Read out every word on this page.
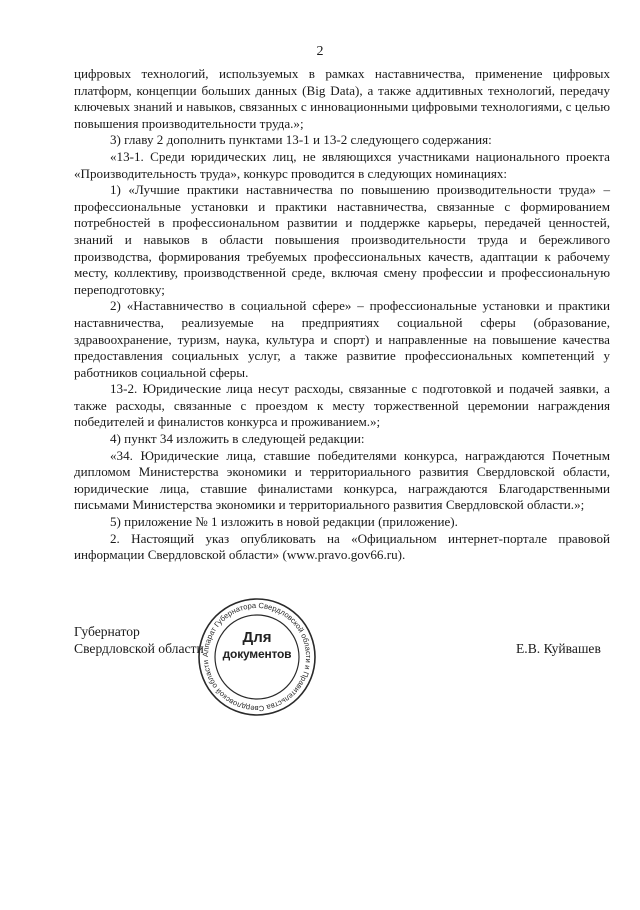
2

цифровых технологий, используемых в рамках наставничества, применение цифровых платформ, концепции больших данных (Big Data), а также аддитивных технологий, передачу ключевых знаний и навыков, связанных с инновационными цифровыми технологиями, с целью повышения производительности труда.»;

3) главу 2 дополнить пунктами 13-1 и 13-2 следующего содержания:

«13-1. Среди юридических лиц, не являющихся участниками национального проекта «Производительность труда», конкурс проводится в следующих номинациях:

1) «Лучшие практики наставничества по повышению производительности труда» – профессиональные установки и практики наставничества, связанные с формированием потребностей в профессиональном развитии и поддержке карьеры, передачей ценностей, знаний и навыков в области повышения производительности труда и бережливого производства, формирования требуемых профессиональных качеств, адаптации к рабочему месту, коллективу, производственной среде, включая смену профессии и профессиональную переподготовку;

2) «Наставничество в социальной сфере» – профессиональные установки и практики наставничества, реализуемые на предприятиях социальной сферы (образование, здравоохранение, туризм, наука, культура и спорт) и направленные на повышение качества предоставления социальных услуг, а также развитие профессиональных компетенций у работников социальной сферы.

13-2. Юридические лица несут расходы, связанные с подготовкой и подачей заявки, а также расходы, связанные с проездом к месту торжественной церемонии награждения победителей и финалистов конкурса и проживанием.»;

4) пункт 34 изложить в следующей редакции:

«34. Юридические лица, ставшие победителями конкурса, награждаются Почетным дипломом Министерства экономики и территориального развития Свердловской области, юридические лица, ставшие финалистами конкурса, награждаются Благодарственными письмами Министерства экономики и территориального развития Свердловской области.»;

5) приложение № 1 изложить в новой редакции (приложение).

2. Настоящий указ опубликовать на «Официальном интернет-портале правовой информации Свердловской области» (www.pravo.gov66.ru).

Губернатор
Свердловской области	Е.В. Куйвашев
Аппарат Губернатора Свердловской области и Правительства Свердловской области
Для
документов
